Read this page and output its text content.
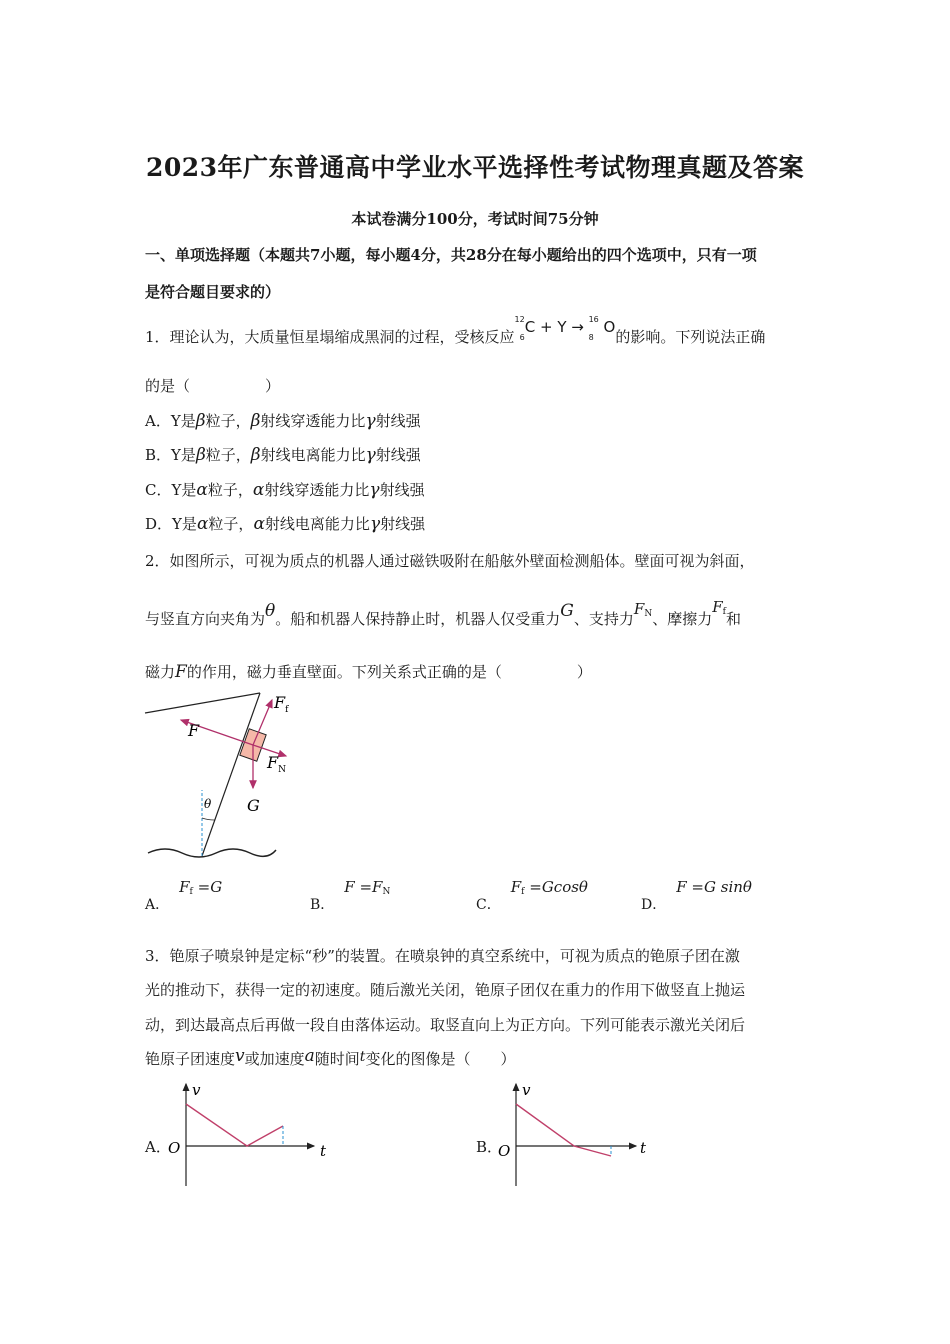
2023年广东普通高中学业水平选择性考试物理真题及答案
本试卷满分100分，考试时间75分钟
一、单项选择题（本题共7小题，每小题4分，共28分在每小题给出的四个选项中，只有一项
是符合题目要求的）
1．理论认为，大质量恒星塌缩成黑洞的过程，受核反应$^{12}$
$_6$C + Y → $^{16}$
$_8$ O的影响。下列说法正确
的是（　　　　　）
A．Y是β粒子，β射线穿透能力比γ射线强
B．Y是β粒子，β射线电离能力比γ射线强
C．Y是α粒子，α射线穿透能力比γ射线强
D．Y是α粒子，α射线电离能力比γ射线强
2．如图所示，可视为质点的机器人通过磁铁吸附在船舷外壁面检测船体。壁面可视为斜面，
与竖直方向夹角为θ。船和机器人保持静止时，机器人仅受重力G、支持力$F_N$、摩擦力$F_f$和
磁力F的作用，磁力垂直壁面。下列关系式正确的是（　　　　　）
$F_f$
F
$F_N$
G
θ
A．$F_f =G$
B．$F =F_N$
C．$F_f =Gcos\theta$
D．F =G sinθ
3．铯原子喷泉钟是定标“秒”的装置。在喷泉钟的真空系统中，可视为质点的铯原子团在激
光的推动下，获得一定的初速度。随后激光关闭，铯原子团仅在重力的作用下做竖直上抛运
动，到达最高点后再做一段自由落体运动。取竖直向上为正方向。下列可能表示激光关闭后
铯原子团速度v或加速度a随时间t变化的图像是（　　）
A．
v
t
O	B．
v
t
O
